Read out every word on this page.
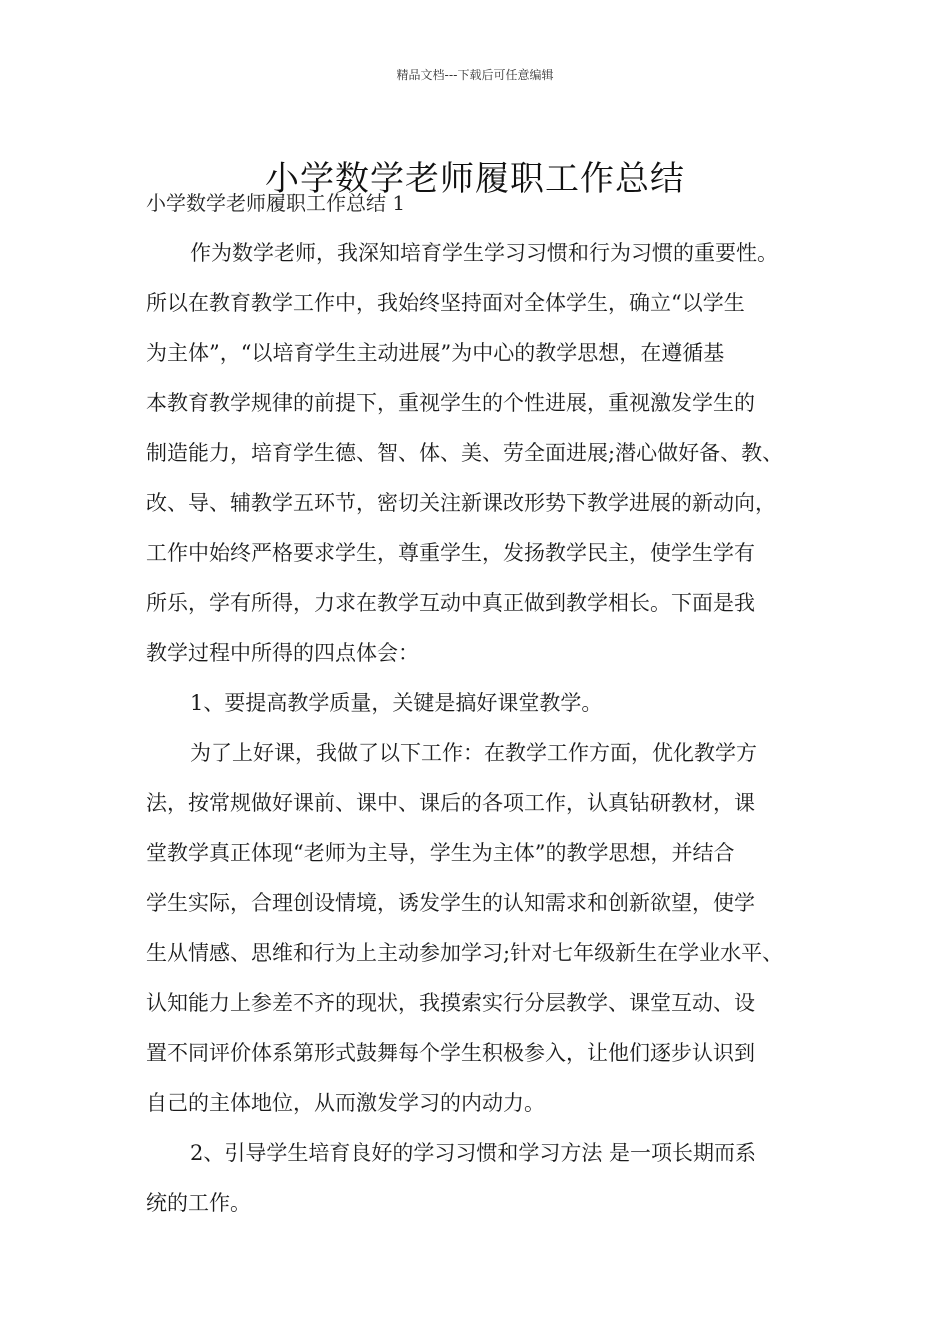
精品文档---下载后可任意编辑
小学数学老师履职工作总结
小学数学老师履职工作总结 1
作为数学老师，我深知培育学生学习习惯和行为习惯的重要性。
所以在教育教学工作中，我始终坚持面对全体学生，确立“以学生
为主体”，“以培育学生主动进展”为中心的教学思想，在遵循基
本教育教学规律的前提下，重视学生的个性进展，重视激发学生的
制造能力，培育学生德、智、体、美、劳全面进展;潜心做好备、教、
改、导、辅教学五环节，密切关注新课改形势下教学进展的新动向，
工作中始终严格要求学生，尊重学生，发扬教学民主，使学生学有
所乐，学有所得，力求在教学互动中真正做到教学相长。下面是我
教学过程中所得的四点体会：
1、要提高教学质量，关键是搞好课堂教学。
为了上好课，我做了以下工作：在教学工作方面，优化教学方
法，按常规做好课前、课中、课后的各项工作，认真钻研教材，课
堂教学真正体现“老师为主导，学生为主体”的教学思想，并结合
学生实际，合理创设情境，诱发学生的认知需求和创新欲望，使学
生从情感、思维和行为上主动参加学习;针对七年级新生在学业水平、
认知能力上参差不齐的现状，我摸索实行分层教学、课堂互动、设
置不同评价体系第形式鼓舞每个学生积极参入，让他们逐步认识到
自己的主体地位，从而激发学习的内动力。
2、引导学生培育良好的学习习惯和学习方法 是一项长期而系
统的工作。
